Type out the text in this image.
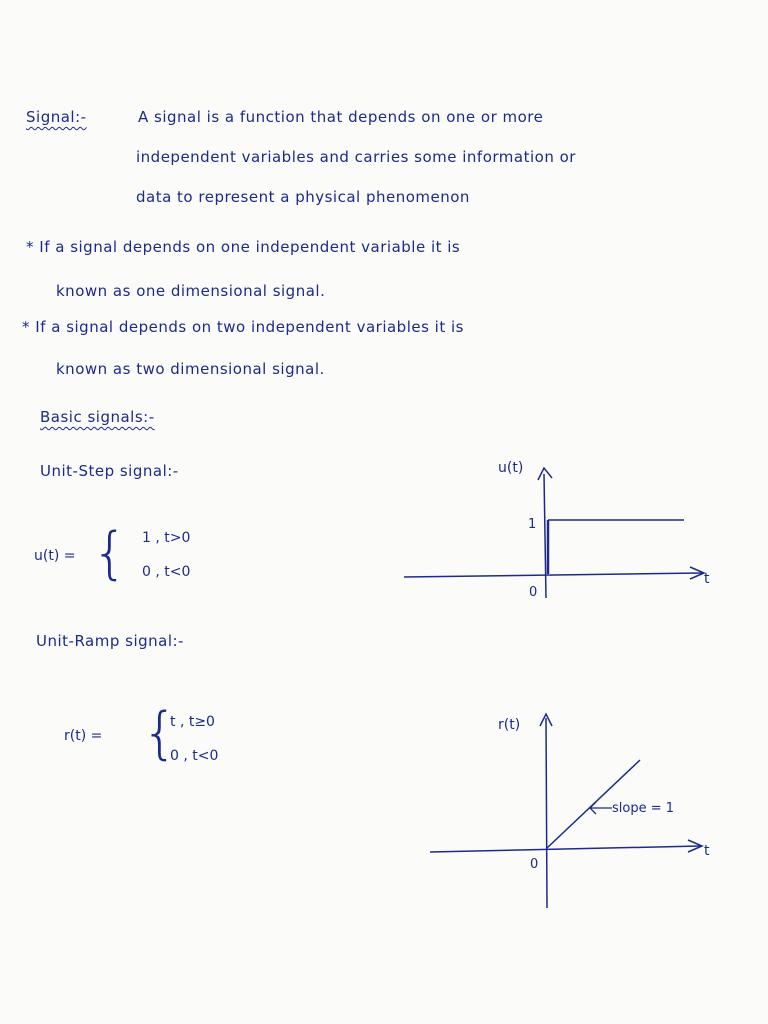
Signal:-	A signal is a function that depends on one or more
independent variables and carries some information or
data to represent a physical phenomenon
* If a signal depends on one independent variable it is
known as one dimensional signal.
* If a signal depends on two independent variables it is
known as two dimensional signal.
Basic signals:-
Unit-Step signal:-
u(t) = { 1 , t>0
0 , t<0
u(t)
t
0
1
Unit-Ramp signal:-
r(t) = {
t , t≥0
0 , t<0
r(t)
t
0
slope = 1
